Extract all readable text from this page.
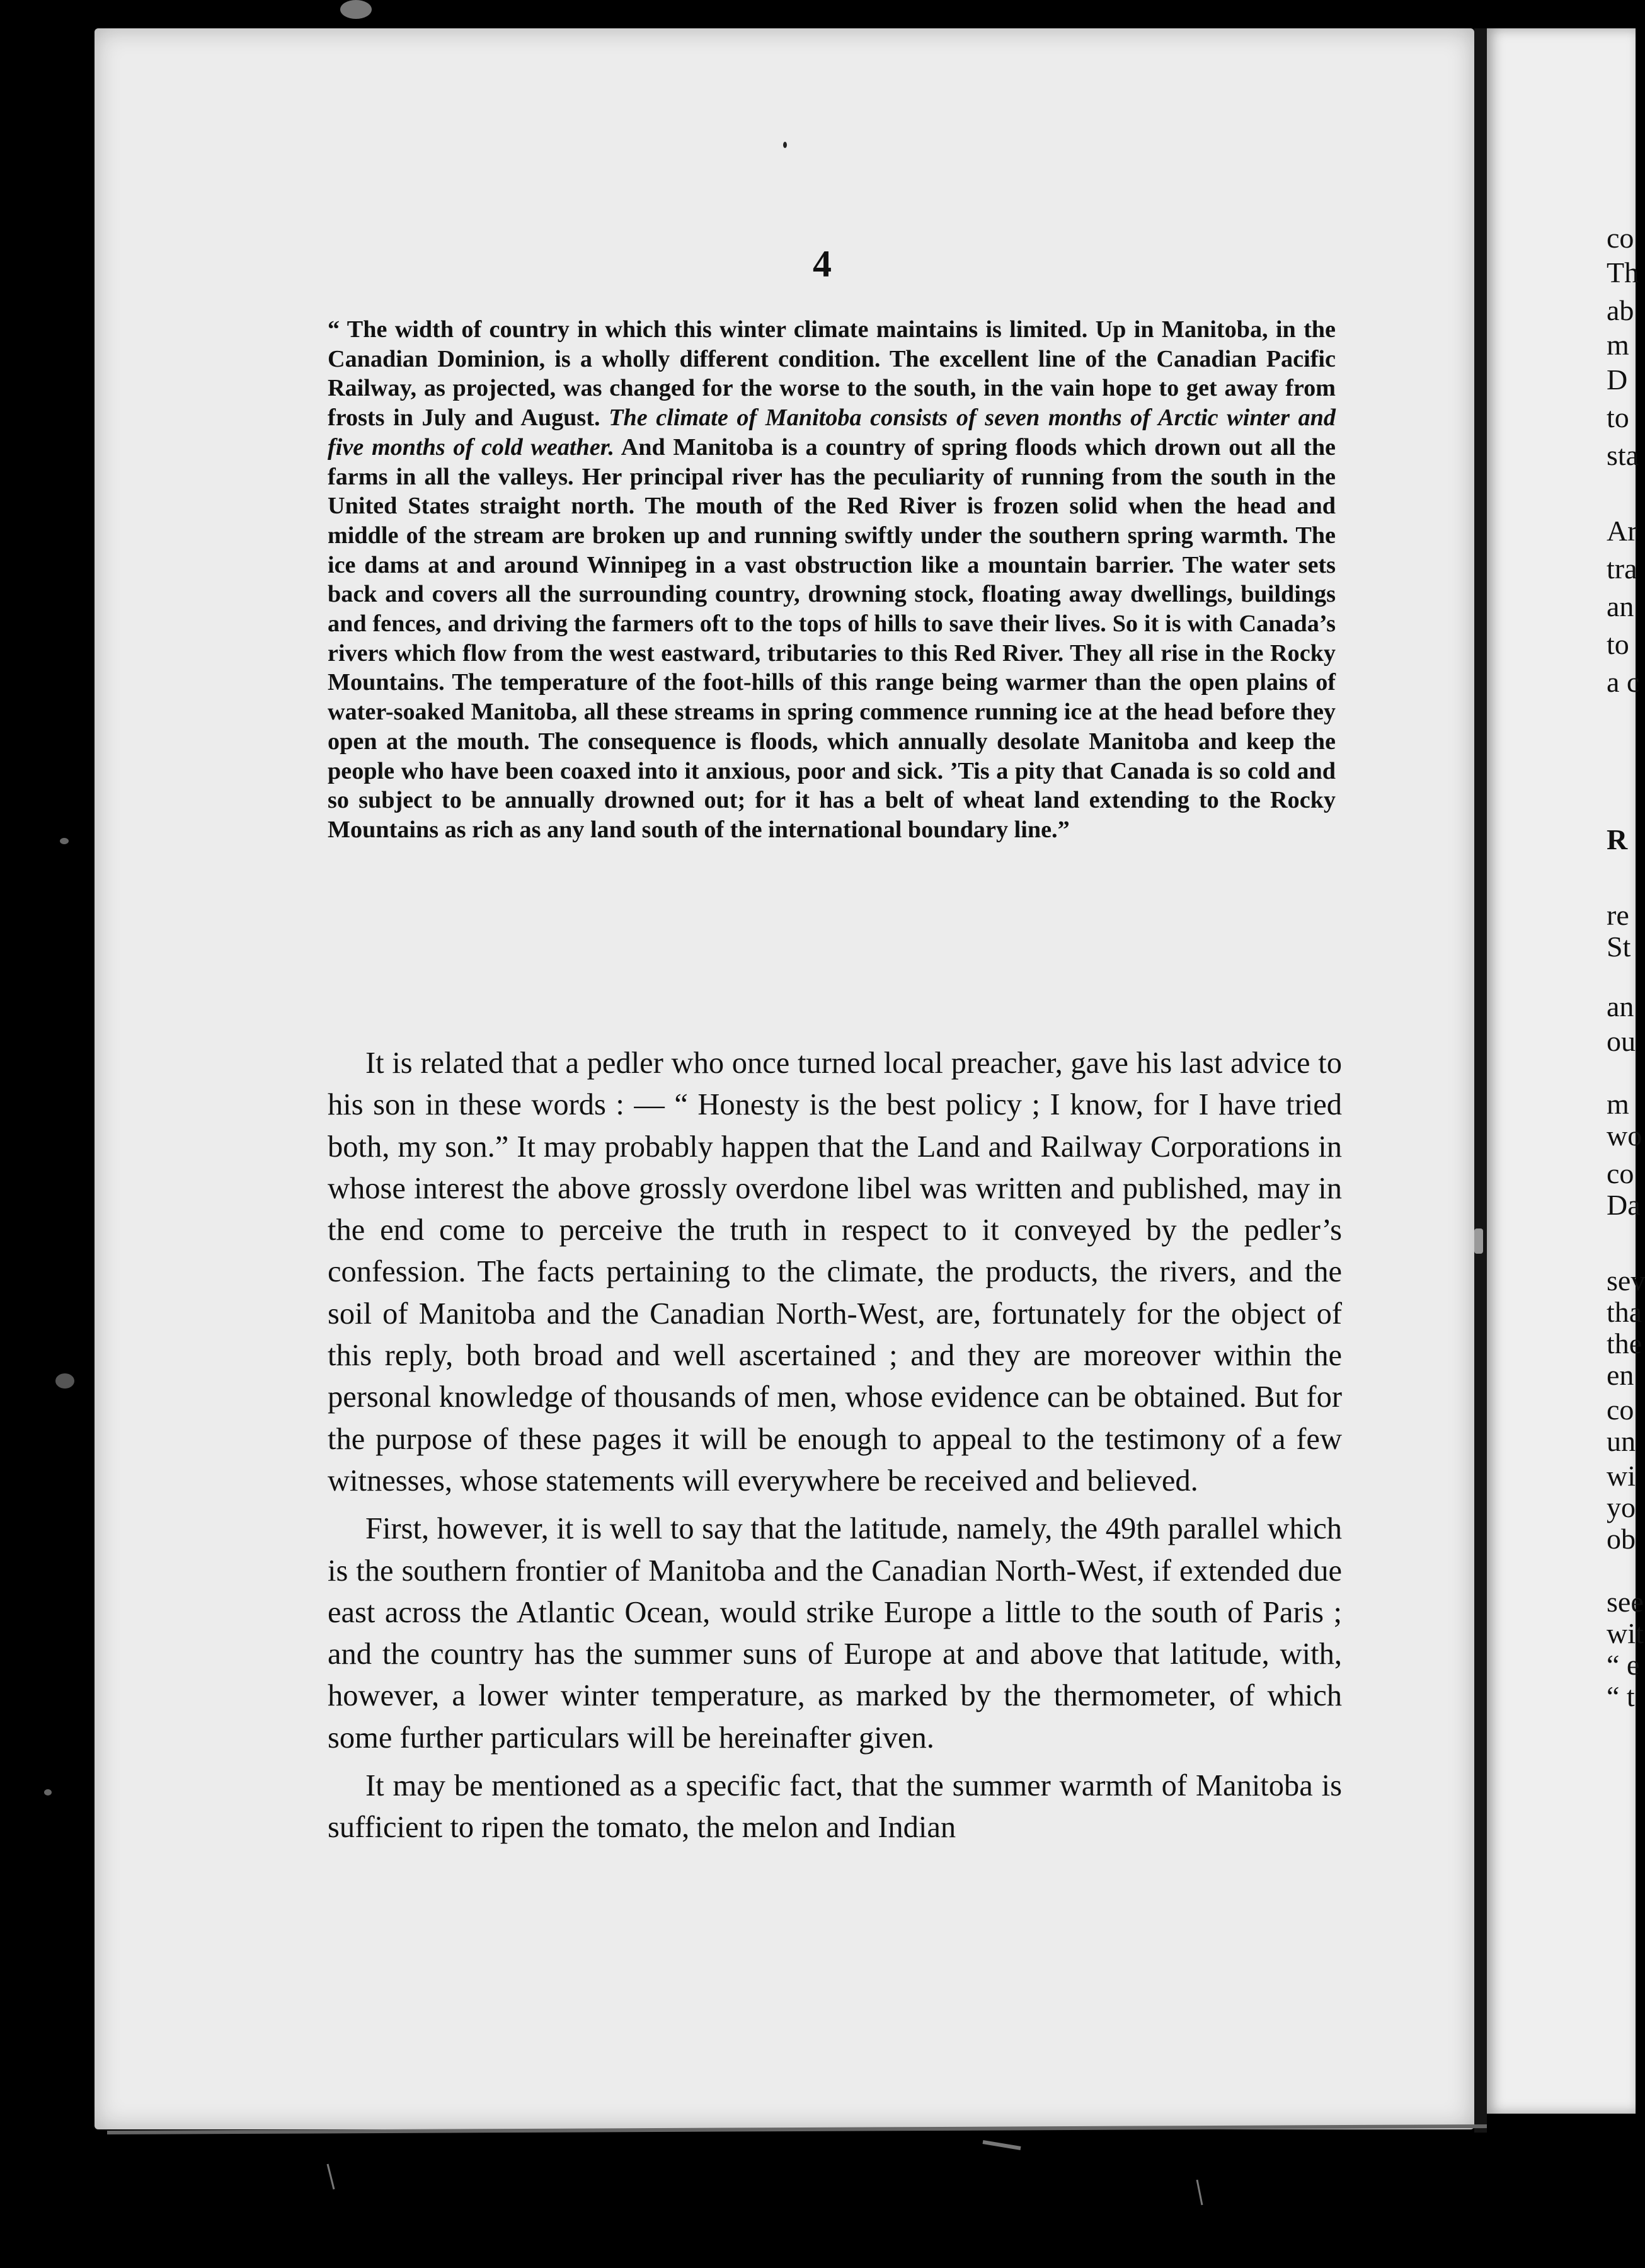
co
Th
ab
m
D
to
sta
Ar
tra
an
to
a c
R
re
St
an
ou
m
wo
co
Da
sev
tha
the
en
co
un
wi
yo
ob
see
wit
“ e
“ t
4

“ The width of country in which this winter climate maintains is limited. Up in Manitoba, in the Canadian Dominion, is a wholly different condition. The excellent line of the Canadian Pacific Railway, as projected, was changed for the worse to the south, in the vain hope to get away from frosts in July and August. The climate of Manitoba consists of seven months of Arctic winter and five months of cold weather. And Manitoba is a country of spring floods which drown out all the farms in all the valleys. Her principal river has the peculiarity of running from the south in the United States straight north. The mouth of the Red River is frozen solid when the head and middle of the stream are broken up and running swiftly under the southern spring warmth. The ice dams at and around Winnipeg in a vast obstruction like a mountain barrier. The water sets back and covers all the surrounding country, drowning stock, floating away dwellings, buildings and fences, and driving the farmers oft to the tops of hills to save their lives. So it is with Canada’s rivers which flow from the west eastward, tributaries to this Red River. They all rise in the Rocky Mountains. The temperature of the foot-hills of this range being warmer than the open plains of water-soaked Manitoba, all these streams in spring commence running ice at the head before they open at the mouth. The consequence is floods, which annually desolate Manitoba and keep the people who have been coaxed into it anxious, poor and sick. ’Tis a pity that Canada is so cold and so subject to be annually drowned out; for it has a belt of wheat land extending to the Rocky Mountains as rich as any land south of the international boundary line.”

It is related that a pedler who once turned local preacher, gave his last advice to his son in these words : — “ Honesty is the best policy ; I know, for I have tried both, my son.” It may probably happen that the Land and Railway Corporations in whose interest the above grossly overdone libel was written and published, may in the end come to perceive the truth in respect to it conveyed by the pedler’s confession. The facts pertaining to the climate, the products, the rivers, and the soil of Manitoba and the Canadian North-West, are, fortunately for the object of this reply, both broad and well ascertained ; and they are moreover within the personal knowledge of thousands of men, whose evidence can be obtained. But for the purpose of these pages it will be enough to appeal to the testimony of a few witnesses, whose statements will everywhere be received and believed.

First, however, it is well to say that the latitude, namely, the 49th parallel which is the southern frontier of Manitoba and the Canadian North-West, if extended due east across the Atlantic Ocean, would strike Europe a little to the south of Paris ; and the country has the summer suns of Europe at and above that latitude, with, however, a lower winter temperature, as marked by the thermometer, of which some further particulars will be hereinafter given.

It may be mentioned as a specific fact, that the summer warmth of Manitoba is sufficient to ripen the tomato, the melon and Indian
